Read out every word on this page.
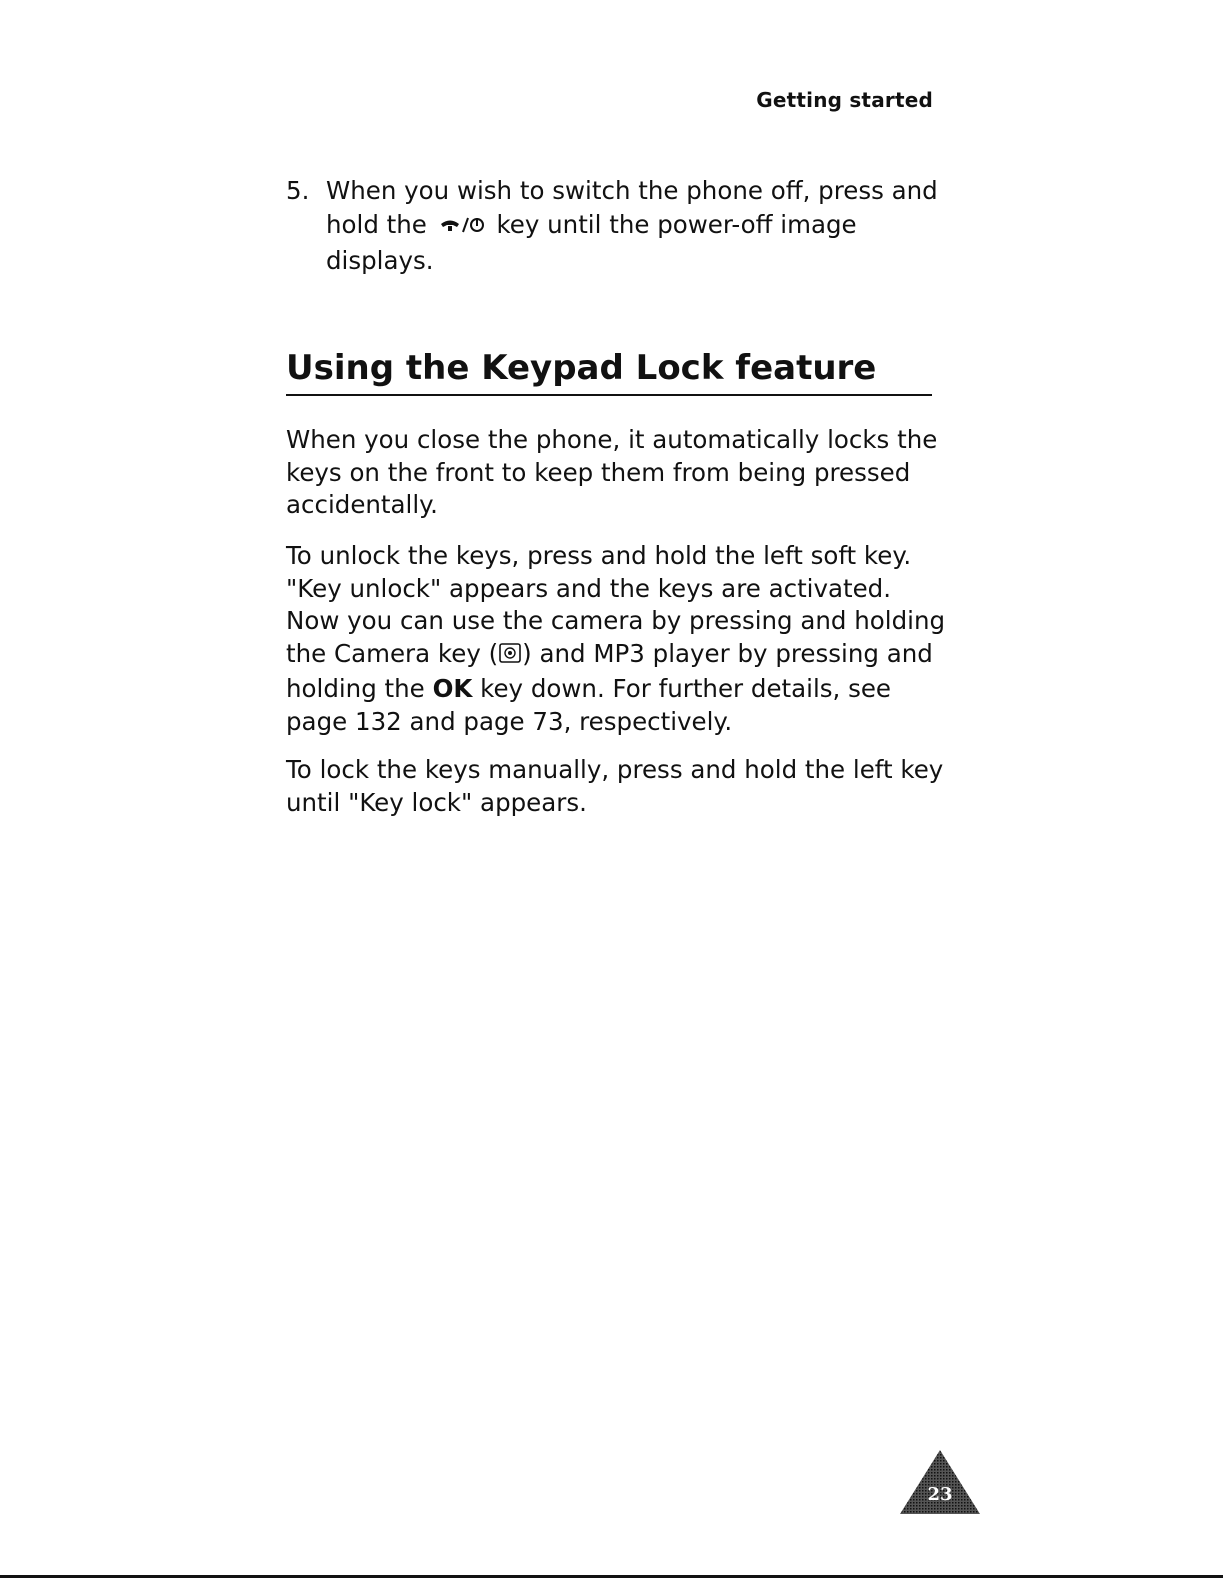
Getting started
5. When you wish to switch the phone off, press and hold the	key until the power-off image displays.
Using the Keypad Lock feature

When you close the phone, it automatically locks the keys on the front to keep them from being pressed accidentally.

To unlock the keys, press and hold the left soft key. "Key unlock" appears and the keys are activated. Now you can use the camera by pressing and holding the Camera key ( ) and MP3 player by pressing and holding the OK key down. For further details, see page 132 and page 73, respectively.

To lock the keys manually, press and hold the left key until "Key lock" appears.

23
